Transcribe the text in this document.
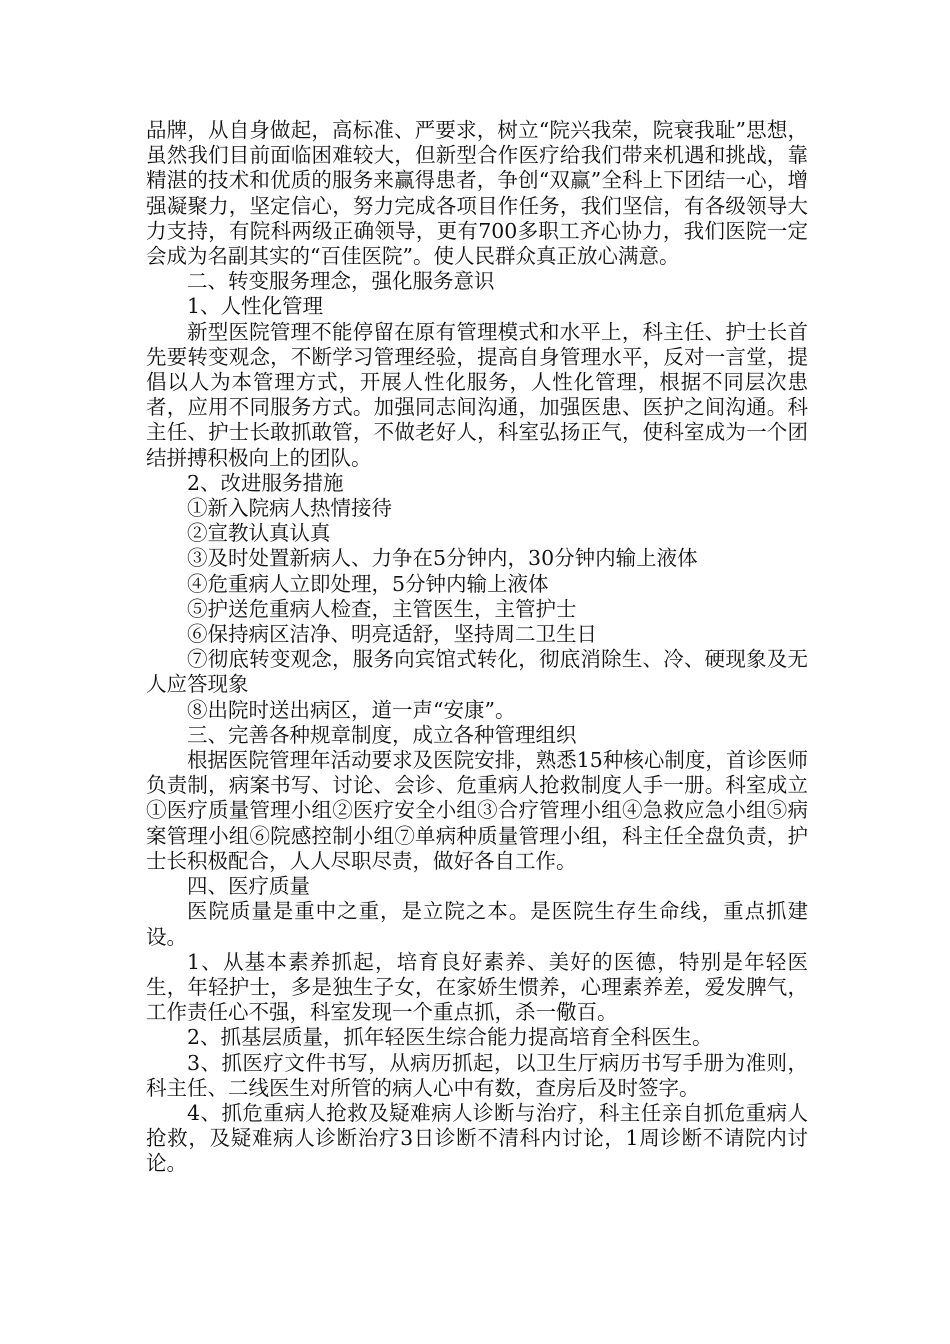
品牌，从自身做起，高标准、严要求，树立“院兴我荣，院衰我耻”思想，虽然我们目前面临困难较大，但新型合作医疗给我们带来机遇和挑战，靠精湛的技术和优质的服务来赢得患者，争创“双赢”全科上下团结一心，增强凝聚力，坚定信心，努力完成各项目作任务，我们坚信，有各级领导大力支持，有院科两级正确领导，更有700多职工齐心协力，我们医院一定会成为名副其实的“百佳医院”。使人民群众真正放心满意。

二、转变服务理念，强化服务意识

1、人性化管理

新型医院管理不能停留在原有管理模式和水平上，科主任、护士长首先要转变观念，不断学习管理经验，提高自身管理水平，反对一言堂，提倡以人为本管理方式，开展人性化服务，人性化管理，根据不同层次患者，应用不同服务方式。加强同志间沟通，加强医患、医护之间沟通。科主任、护士长敢抓敢管，不做老好人，科室弘扬正气，使科室成为一个团结拼搏积极向上的团队。

2、改进服务措施

①新入院病人热情接待

②宣教认真认真

③及时处置新病人、力争在5分钟内，30分钟内输上液体

④危重病人立即处理，5分钟内输上液体

⑤护送危重病人检查，主管医生，主管护士

⑥保持病区洁净、明亮适舒，坚持周二卫生日

⑦彻底转变观念，服务向宾馆式转化，彻底消除生、冷、硬现象及无人应答现象

⑧出院时送出病区，道一声“安康”。

三、完善各种规章制度，成立各种管理组织

根据医院管理年活动要求及医院安排，熟悉15种核心制度，首诊医师负责制，病案书写、讨论、会诊、危重病人抢救制度人手一册。科室成立①医疗质量管理小组②医疗安全小组③合疗管理小组④急救应急小组⑤病案管理小组⑥院感控制小组⑦单病种质量管理小组，科主任全盘负责，护士长积极配合，人人尽职尽责，做好各自工作。

四、医疗质量

医院质量是重中之重，是立院之本。是医院生存生命线，重点抓建设。

1、从基本素养抓起，培育良好素养、美好的医德，特别是年轻医生，年轻护士，多是独生子女，在家娇生惯养，心理素养差，爱发脾气，工作责任心不强，科室发现一个重点抓，杀一儆百。

2、抓基层质量，抓年轻医生综合能力提高培育全科医生。

3、抓医疗文件书写，从病历抓起，以卫生厅病历书写手册为准则，科主任、二线医生对所管的病人心中有数，查房后及时签字。

4、抓危重病人抢救及疑难病人诊断与治疗，科主任亲自抓危重病人抢救，及疑难病人诊断治疗3日诊断不清科内讨论，1周诊断不请院内讨论。
